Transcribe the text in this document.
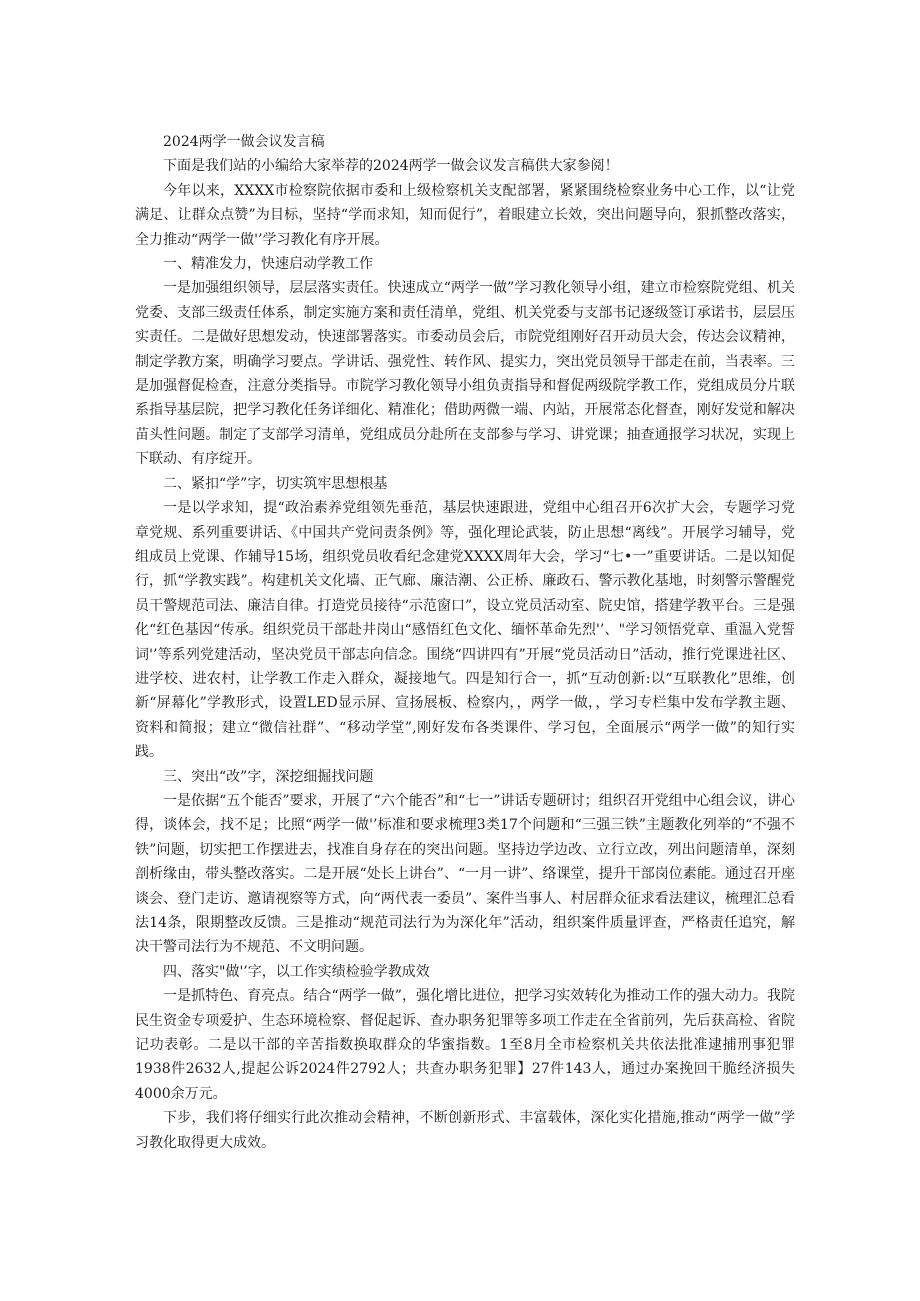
2024两学一做会议发言稿

下面是我们站的小编给大家举荐的2024两学一做会议发言稿供大家参阅！

今年以来，XXXX市检察院依据市委和上级检察机关支配部署，紧紧围绕检察业务中心工作，以“让党满足、让群众点赞”为目标，坚持“学而求知，知而促行”，着眼建立长效，突出问题导向，狠抓整改落实，全力推动“两学一做'’学习教化有序开展。

一、精准发力，快速启动学教工作

一是加强组织领导，层层落实责任。快速成立“两学一做”学习教化领导小组，建立市检察院党组、机关党委、支部三级责任体系，制定实施方案和责任清单，党组、机关党委与支部书记逐级签订承诺书，层层压实责任。二是做好思想发动，快速部署落实。市委动员会后，市院党组刚好召开动员大会，传达会议精神，制定学教方案，明确学习要点。学讲话、强党性、转作风、提实力，突出党员领导干部走在前，当表率。三是加强督促检查，注意分类指导。市院学习教化领导小组负责指导和督促两级院学教工作，党组成员分片联系指导基层院，把学习教化任务详细化、精准化；借助两微一端、内站，开展常态化督查，刚好发觉和解决苗头性问题。制定了支部学习清单，党组成员分赴所在支部参与学习、讲党课；抽查通报学习状况，实现上下联动、有序绽开。

二、紧扣“学”字，切实筑牢思想根基

一是以学求知，提“政治素养党组领先垂范，基层快速跟进，党组中心组召开6次扩大会，专题学习党章党规、系列重要讲话、《中国共产党问责条例》等，强化理论武装，防止思想“离线”。开展学习辅导，党组成员上党课、作辅导15场，组织党员收看纪念建党XXXX周年大会，学习“七•一”重要讲话。二是以知促行，抓“学教实践”。构建机关文化墙、正气廊、廉洁潮、公正桥、廉政石、警示教化基地，时刻警示警醒党员干警规范司法、廉洁自律。打造党员接待“示范窗口”，设立党员活动室、院史馆，搭建学教平台。三是强化“红色基因“传承。组织党员干部赴井岗山“感悟红色文化、缅怀革命先烈'’、"学习领悟党章、重温入党誓词'’等系列党建活动，坚决党员干部志向信念。围绕“四讲四有”开展“党员活动日”活动，推行党课进社区、进学校、进农村，让学教工作走入群众，凝接地气。四是知行合一，抓“互动创新:以“互联教化”思维，创新“屏幕化”学教形式，设置LED显示屏、宣扬展板、检察内，，两学一做，，学习专栏集中发布学教主题、资料和简报；建立“微信社群”、“移动学堂”,刚好发布各类课件、学习包，全面展示“两学一做”的知行实践。

三、突出“改”字，深挖细掘找问题

一是依据“五个能否”要求，开展了“六个能否”和“七一”讲话专题研讨；组织召开党组中心组会议，讲心得，谈体会，找不足；比照“两学一做'’标准和要求梳理3类17个问题和“三强三铁”主题教化列举的“不强不铁”问题，切实把工作摆进去，找准自身存在的突出问题。坚持边学边改、立行立改，列出问题清单，深刻剖析缘由，带头整改落实。二是开展“处长上讲台”、“一月一讲”、络课堂，提升干部岗位素能。通过召开座谈会、登门走访、邀请视察等方式，向“两代表一委员”、案件当事人、村居群众征求看法建议，梳理汇总看法14条，限期整改反馈。三是推动“规范司法行为为深化年”活动，组织案件质量评查，严格责任追究，解决干警司法行为不规范、不文明问题。

四、落实"做'’字，以工作实绩检验学教成效

一是抓特色、育亮点。结合“两学一做”，强化增比进位，把学习实效转化为推动工作的强大动力。我院民生资金专项爱护、生态环境检察、督促起诉、查办职务犯罪等多项工作走在全省前列，先后获高检、省院记功表彰。二是以干部的辛苦指数换取群众的华蜜指数。1至8月全市检察机关共依法批准逮捕刑事犯罪1938件2632人,提起公诉2024件2792人；共查办职务犯罪】27件143人，通过办案挽回干脆经济损失4000余万元。

下步，我们将仔细实行此次推动会精神，不断创新形式、丰富载体，深化实化措施,推动“两学一做”学习教化取得更大成效。
